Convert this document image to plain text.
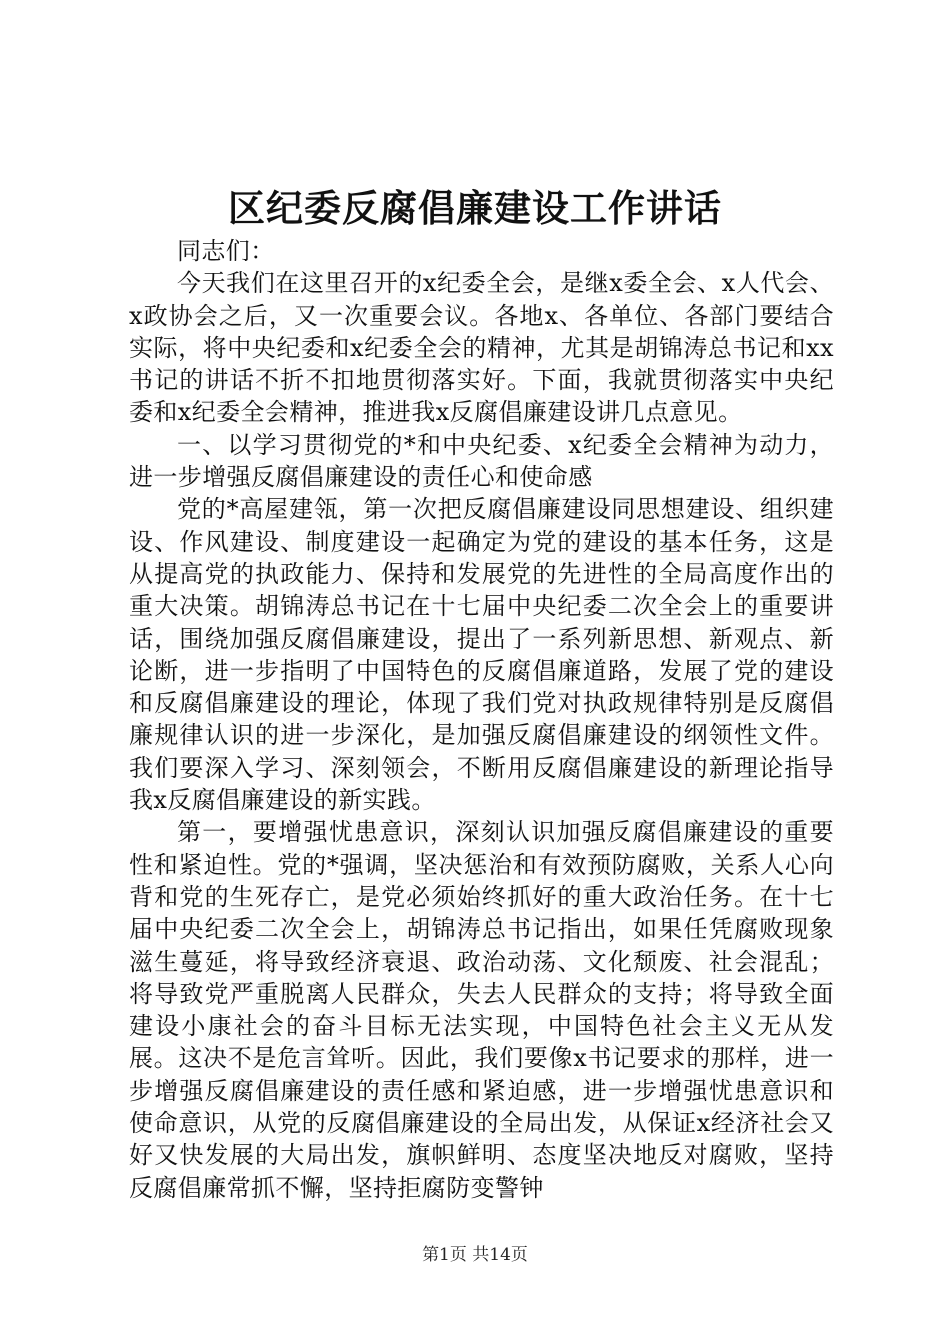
区纪委反腐倡廉建设工作讲话

同志们：

今天我们在这里召开的x纪委全会，是继x委全会、x人代会、x政协会之后，又一次重要会议。各地x、各单位、各部门要结合实际，将中央纪委和x纪委全会的精神，尤其是胡锦涛总书记和xx书记的讲话不折不扣地贯彻落实好。下面，我就贯彻落实中央纪委和x纪委全会精神，推进我x反腐倡廉建设讲几点意见。

一、以学习贯彻党的*和中央纪委、x纪委全会精神为动力，进一步增强反腐倡廉建设的责任心和使命感

党的*高屋建瓴，第一次把反腐倡廉建设同思想建设、组织建设、作风建设、制度建设一起确定为党的建设的基本任务，这是从提高党的执政能力、保持和发展党的先进性的全局高度作出的重大决策。胡锦涛总书记在十七届中央纪委二次全会上的重要讲话，围绕加强反腐倡廉建设，提出了一系列新思想、新观点、新论断，进一步指明了中国特色的反腐倡廉道路，发展了党的建设和反腐倡廉建设的理论，体现了我们党对执政规律特别是反腐倡廉规律认识的进一步深化，是加强反腐倡廉建设的纲领性文件。我们要深入学习、深刻领会，不断用反腐倡廉建设的新理论指导我x反腐倡廉建设的新实践。

第一，要增强忧患意识，深刻认识加强反腐倡廉建设的重要性和紧迫性。党的*强调，坚决惩治和有效预防腐败，关系人心向背和党的生死存亡，是党必须始终抓好的重大政治任务。在十七届中央纪委二次全会上，胡锦涛总书记指出，如果任凭腐败现象滋生蔓延，将导致经济衰退、政治动荡、文化颓废、社会混乱；将导致党严重脱离人民群众，失去人民群众的支持；将导致全面建设小康社会的奋斗目标无法实现，中国特色社会主义无从发展。这决不是危言耸听。因此，我们要像x书记要求的那样，进一步增强反腐倡廉建设的责任感和紧迫感，进一步增强忧患意识和使命意识，从党的反腐倡廉建设的全局出发，从保证x经济社会又好又快发展的大局出发，旗帜鲜明、态度坚决地反对腐败，坚持反腐倡廉常抓不懈，坚持拒腐防变警钟

第1页 共14页
